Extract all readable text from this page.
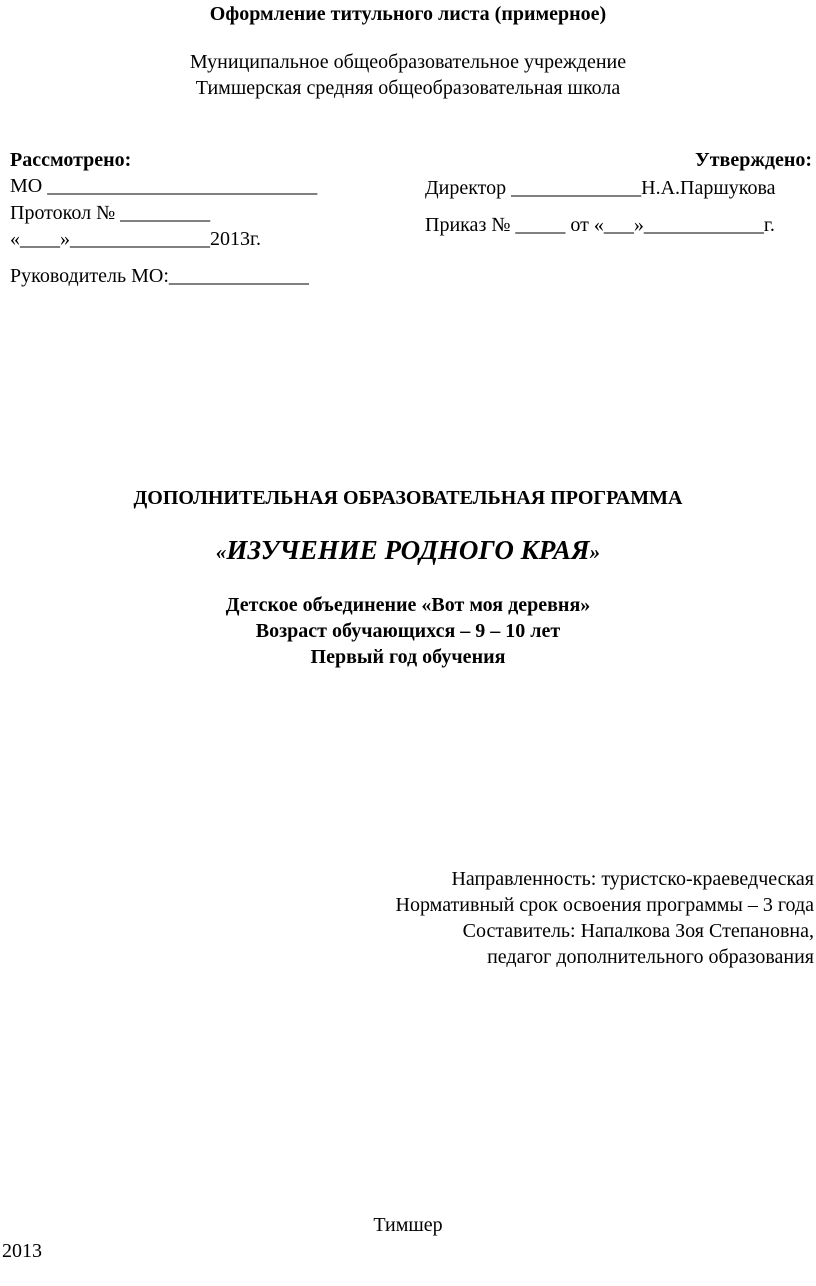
Оформление титульного листа (примерное)
Муниципальное общеобразовательное учреждение
Тимшерская средняя общеобразовательная школа
Рассмотрено:
МО ___________________________
Протокол № _________
«____»______________2013г.
Руководитель МО:______________
Утверждено:
Директор _____________Н.А.Паршукова
Приказ № _____ от «___»____________г.
ДОПОЛНИТЕЛЬНАЯ ОБРАЗОВАТЕЛЬНАЯ ПРОГРАММА
«ИЗУЧЕНИЕ РОДНОГО КРАЯ»
Детское объединение «Вот моя деревня»
Возраст обучающихся – 9 – 10 лет
Первый год обучения
Направленность: туристско-краеведческая
Нормативный срок освоения программы – 3 года
Составитель: Напалкова Зоя Степановна,
педагог дополнительного образования
Тимшер
2013
